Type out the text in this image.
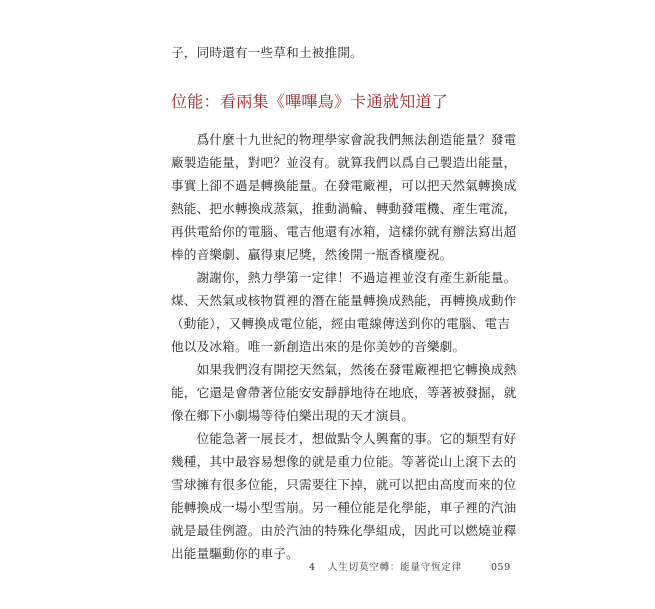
子，同時還有一些草和土被推開。
位能：看兩集《嗶嗶鳥》卡通就知道了
　　爲什麼十九世紀的物理學家會說我們無法創造能量？發電
廠製造能量，對吧？並沒有。就算我們以爲自己製造出能量，
事實上卻不過是轉換能量。在發電廠裡，可以把天然氣轉換成
熱能、把水轉換成蒸氣，推動渦輪、轉動發電機、產生電流，
再供電給你的電腦、電吉他還有冰箱，這樣你就有辦法寫出超
棒的音樂劇、贏得東尼獎，然後開一瓶香檳慶祝。
　　謝謝你，熱力學第一定律！不過這裡並沒有產生新能量。
煤、天然氣或核物質裡的潛在能量轉換成熱能，再轉換成動作
（動能），又轉換成電位能，經由電線傳送到你的電腦、電吉
他以及冰箱。唯一新創造出來的是你美妙的音樂劇。
　　如果我們沒有開挖天然氣，然後在發電廠裡把它轉換成熱
能，它還是會帶著位能安安靜靜地待在地底，等著被發掘，就
像在鄉下小劇場等待伯樂出現的天才演員。
　　位能急著一展長才，想做點令人興奮的事。它的類型有好
幾種，其中最容易想像的就是重力位能。等著從山上滾下去的
雪球擁有很多位能，只需要往下掉，就可以把由高度而來的位
能轉換成一場小型雪崩。另一種位能是化學能，車子裡的汽油
就是最佳例證。由於汽油的特殊化學組成，因此可以燃燒並釋
出能量驅動你的車子。
4 人生切莫空轉：能量守恆定律	059
